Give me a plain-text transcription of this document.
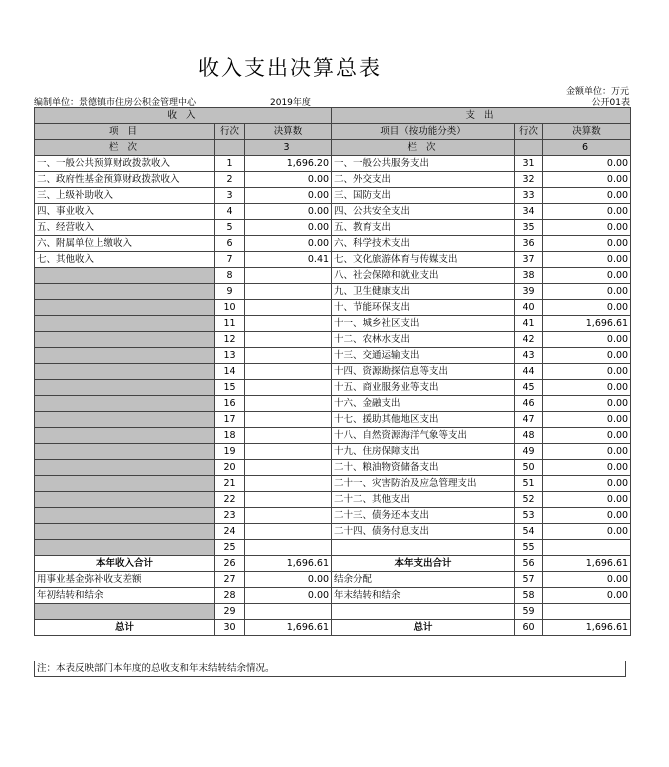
收入支出决算总表
金额单位：万元
编制单位：景德镇市住房公积金管理中心	2019年度	公开01表
收 入			支 出		
项 目	行次	决算数	项目（按功能分类）	行次	决算数
栏 次		3	栏 次		6
一、一般公共预算财政拨款收入	1	1,696.20	一、一般公共服务支出	31	0.00
二、政府性基金预算财政拨款收入	2	0.00	二、外交支出	32	0.00
三、上级补助收入	3	0.00	三、国防支出	33	0.00
四、事业收入	4	0.00	四、公共安全支出	34	0.00
五、经营收入	5	0.00	五、教育支出	35	0.00
六、附属单位上缴收入	6	0.00	六、科学技术支出	36	0.00
七、其他收入	7	0.41	七、文化旅游体育与传媒支出	37	0.00
	8		八、社会保障和就业支出	38	0.00
	9		九、卫生健康支出	39	0.00
	10		十、节能环保支出	40	0.00
	11		十一、城乡社区支出	41	1,696.61
	12		十二、农林水支出	42	0.00
	13		十三、交通运输支出	43	0.00
	14		十四、资源勘探信息等支出	44	0.00
	15		十五、商业服务业等支出	45	0.00
	16		十六、金融支出	46	0.00
	17		十七、援助其他地区支出	47	0.00
	18		十八、自然资源海洋气象等支出	48	0.00
	19		十九、住房保障支出	49	0.00
	20		二十、粮油物资储备支出	50	0.00
	21		二十一、灾害防治及应急管理支出	51	0.00
	22		二十二、其他支出	52	0.00
	23		二十三、债务还本支出	53	0.00
	24		二十四、债务付息支出	54	0.00
	25			55	
本年收入合计	26	1,696.61	本年支出合计	56	1,696.61
用事业基金弥补收支差额	27	0.00	结余分配	57	0.00
年初结转和结余	28	0.00	年末结转和结余	58	0.00
	29			59	
总计	30	1,696.61	总计	60	1,696.61
注：本表反映部门本年度的总收支和年末结转结余情况。
